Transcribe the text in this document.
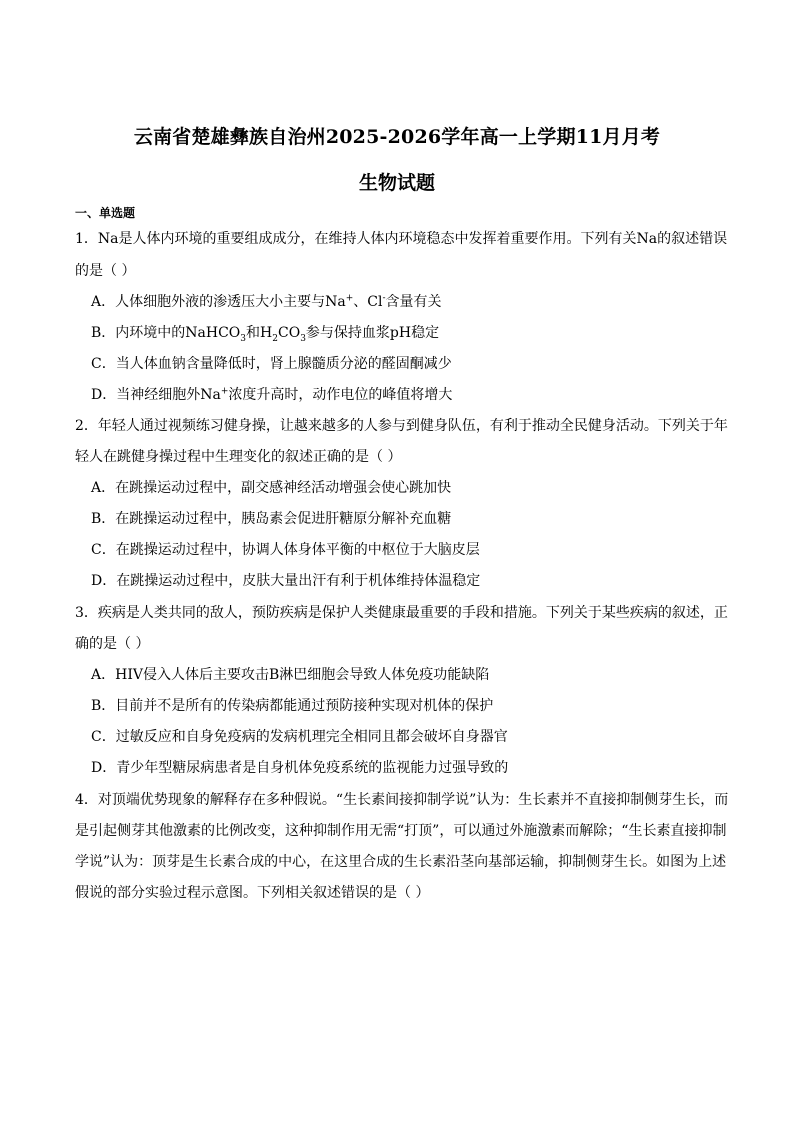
云南省楚雄彝族自治州2025-2026学年高一上学期11月月考
生物试题
一、单选题
1．Na是人体内环境的重要组成成分，在维持人体内环境稳态中发挥着重要作用。下列有关Na的叙述错误
的是（ ）
A．人体细胞外液的渗透压大小主要与Na+、Cl-含量有关
B．内环境中的NaHCO$_3$和$H_2CO_3$参与保持血浆pH稳定
C．当人体血钠含量降低时，肾上腺髓质分泌的醛固酮减少
D．当神经细胞外Na+浓度升高时，动作电位的峰值将增大
2．年轻人通过视频练习健身操，让越来越多的人参与到健身队伍，有利于推动全民健身活动。下列关于年
轻人在跳健身操过程中生理变化的叙述正确的是（ ）
A．在跳操运动过程中，副交感神经活动增强会使心跳加快
B．在跳操运动过程中，胰岛素会促进肝糖原分解补充血糖
C．在跳操运动过程中，协调人体身体平衡的中枢位于大脑皮层
D．在跳操运动过程中，皮肤大量出汗有利于机体维持体温稳定
3．疾病是人类共同的敌人，预防疾病是保护人类健康最重要的手段和措施。下列关于某些疾病的叙述，正
确的是（ ）
A．HIV侵入人体后主要攻击B淋巴细胞会导致人体免疫功能缺陷
B．目前并不是所有的传染病都能通过预防接种实现对机体的保护
C．过敏反应和自身免疫病的发病机理完全相同且都会破坏自身器官
D．青少年型糖尿病患者是自身机体免疫系统的监视能力过强导致的
4．对顶端优势现象的解释存在多种假说。“生长素间接抑制学说”认为：生长素并不直接抑制侧芽生长，而
是引起侧芽其他激素的比例改变，这种抑制作用无需“打顶”，可以通过外施激素而解除；“生长素直接抑制
学说”认为：顶芽是生长素合成的中心，在这里合成的生长素沿茎向基部运输，抑制侧芽生长。如图为上述
假说的部分实验过程示意图。下列相关叙述错误的是（ ）
